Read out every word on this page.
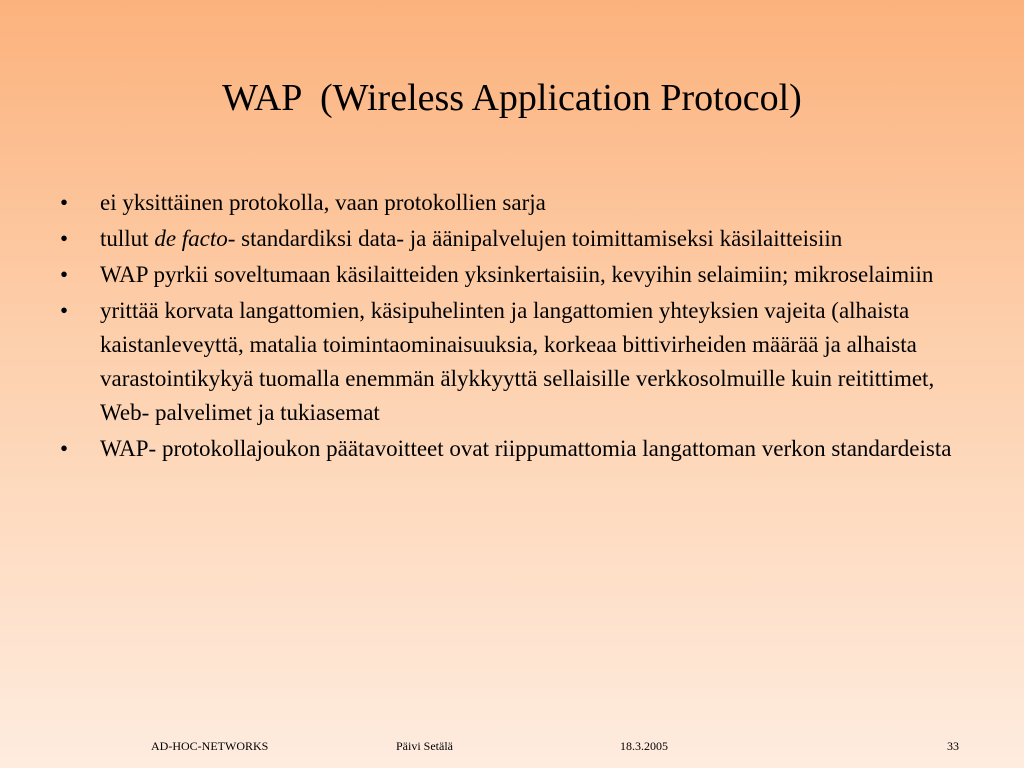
WAP  (Wireless Application Protocol)
•	ei yksittäinen protokolla, vaan protokollien sarja
•	tullut de facto- standardiksi data- ja äänipalvelujen toimittamiseksi käsilaitteisiin
•	WAP pyrkii soveltumaan käsilaitteiden yksinkertaisiin, kevyihin selaimiin; mikroselaimiin
•	yrittää korvata langattomien, käsipuhelinten ja langattomien yhteyksien vajeita (alhaista kaistanleveyttä, matalia toimintaominaisuuksia, korkeaa bittivirheiden määrää ja alhaista varastointikykyä tuomalla enemmän älykkyyttä sellaisille verkkosolmuille kuin reitittimet, Web- palvelimet ja tukiasemat
•	WAP- protokollajoukon päätavoitteet ovat riippumattomia langattoman verkon standardeista
AD-HOC-NETWORKS	Päivi Setälä	18.3.2005	33
